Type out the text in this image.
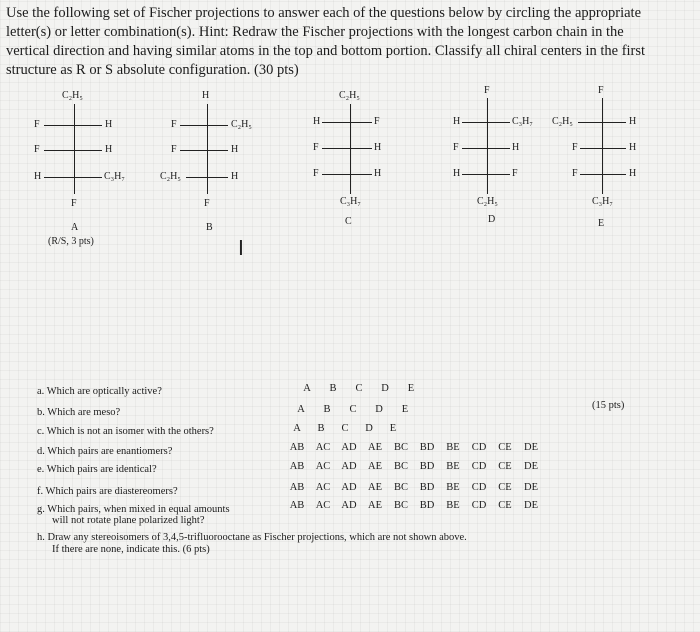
Use the following set of Fischer projections to answer each of the questions below by circling the appropriate
letter(s) or letter combination(s). Hint: Redraw the Fischer projections with the longest carbon chain in the
vertical direction and having similar atoms in the top and bottom portion. Classify all chiral centers in the first
structure as R or S absolute configuration. (30 pts)
C₂H₅
F	H
F	H
H	C₃H₇
F
A
(R/S, 3 pts)
H
F	C₂H₅
F	H
C₂H₅	H
F
B
C₂H₅
H	F
F	H
F	H
C₃H₇
C
F
H	C₃H₇
F	H
H	F
C₂H₅
D
F
C₂H₅	H
F	H
F	H
C₃H₇
E
I
a. Which are optically active?
b. Which are meso?
c. Which is not an isomer with the others?
d. Which pairs are enantiomers?
e. Which pairs are identical?
f. Which pairs are diastereomers?
g. Which pairs, when mixed in equal amounts
will not rotate plane polarized light?
A B C D E
A B C D E
A B C D E
(15 pts)
AB AC AD AE BC BD BE CD CE DE
AB AC AD AE BC BD BE CD CE DE
AB AC AD AE BC BD BE CD CE DE
AB AC AD AE BC BD BE CD CE DE
h. Draw any stereoisomers of 3,4,5-trifluorooctane as Fischer projections, which are not shown above.
If there are none, indicate this. (6 pts)
